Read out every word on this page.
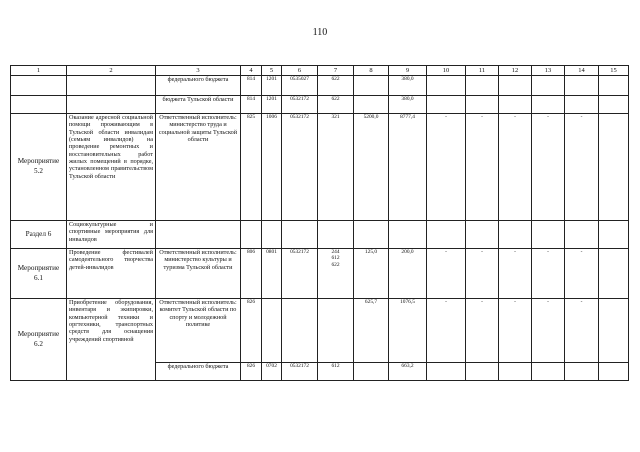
110
1	2	3	4	5	6	7	8	9	10	11	12	13	14	15
		федерального бюджета	814	1201	0535027	622		380,0						
		бюджета Тульской области	814	1201	0532172	622		380,0						
Мероприятие 5.2	Оказание адресной социальной помощи проживающим в Тульской области инвалидам (семьям инвалидов) на проведение ремонтных и восстановительных работ жилых помещений в порядке, установленном правительством Тульской области	Ответственный исполнитель: министерство труда и социальной защиты Тульской области	825	1006	0532172	321	5200,0	8777,4	-	-	-	-	-	
Раздел 6	Социокультурные и спортивные мероприятия для инвалидов													
Мероприятие 6.1	Проведение фестивалей самодеятельного творчества детей-инвалидов	Ответственный исполнитель: министерство культуры и туризма Тульской области	806	0801	0532172	244
612
622	125,0	200,0	-	-	-	-	-	
Мероприятие 6.2	Приобретение оборудования, инвентаря и экипировки, компьютерной техники и оргтехники, транспортных средств для оснащения учреждений спортивной	Ответственный исполнитель: комитет Тульской области по спорту и молодежной политике	826				625,7	1076,5	-	-	-	-	-	
		федерального бюджета	826	0702	0532172	612		663,2						
